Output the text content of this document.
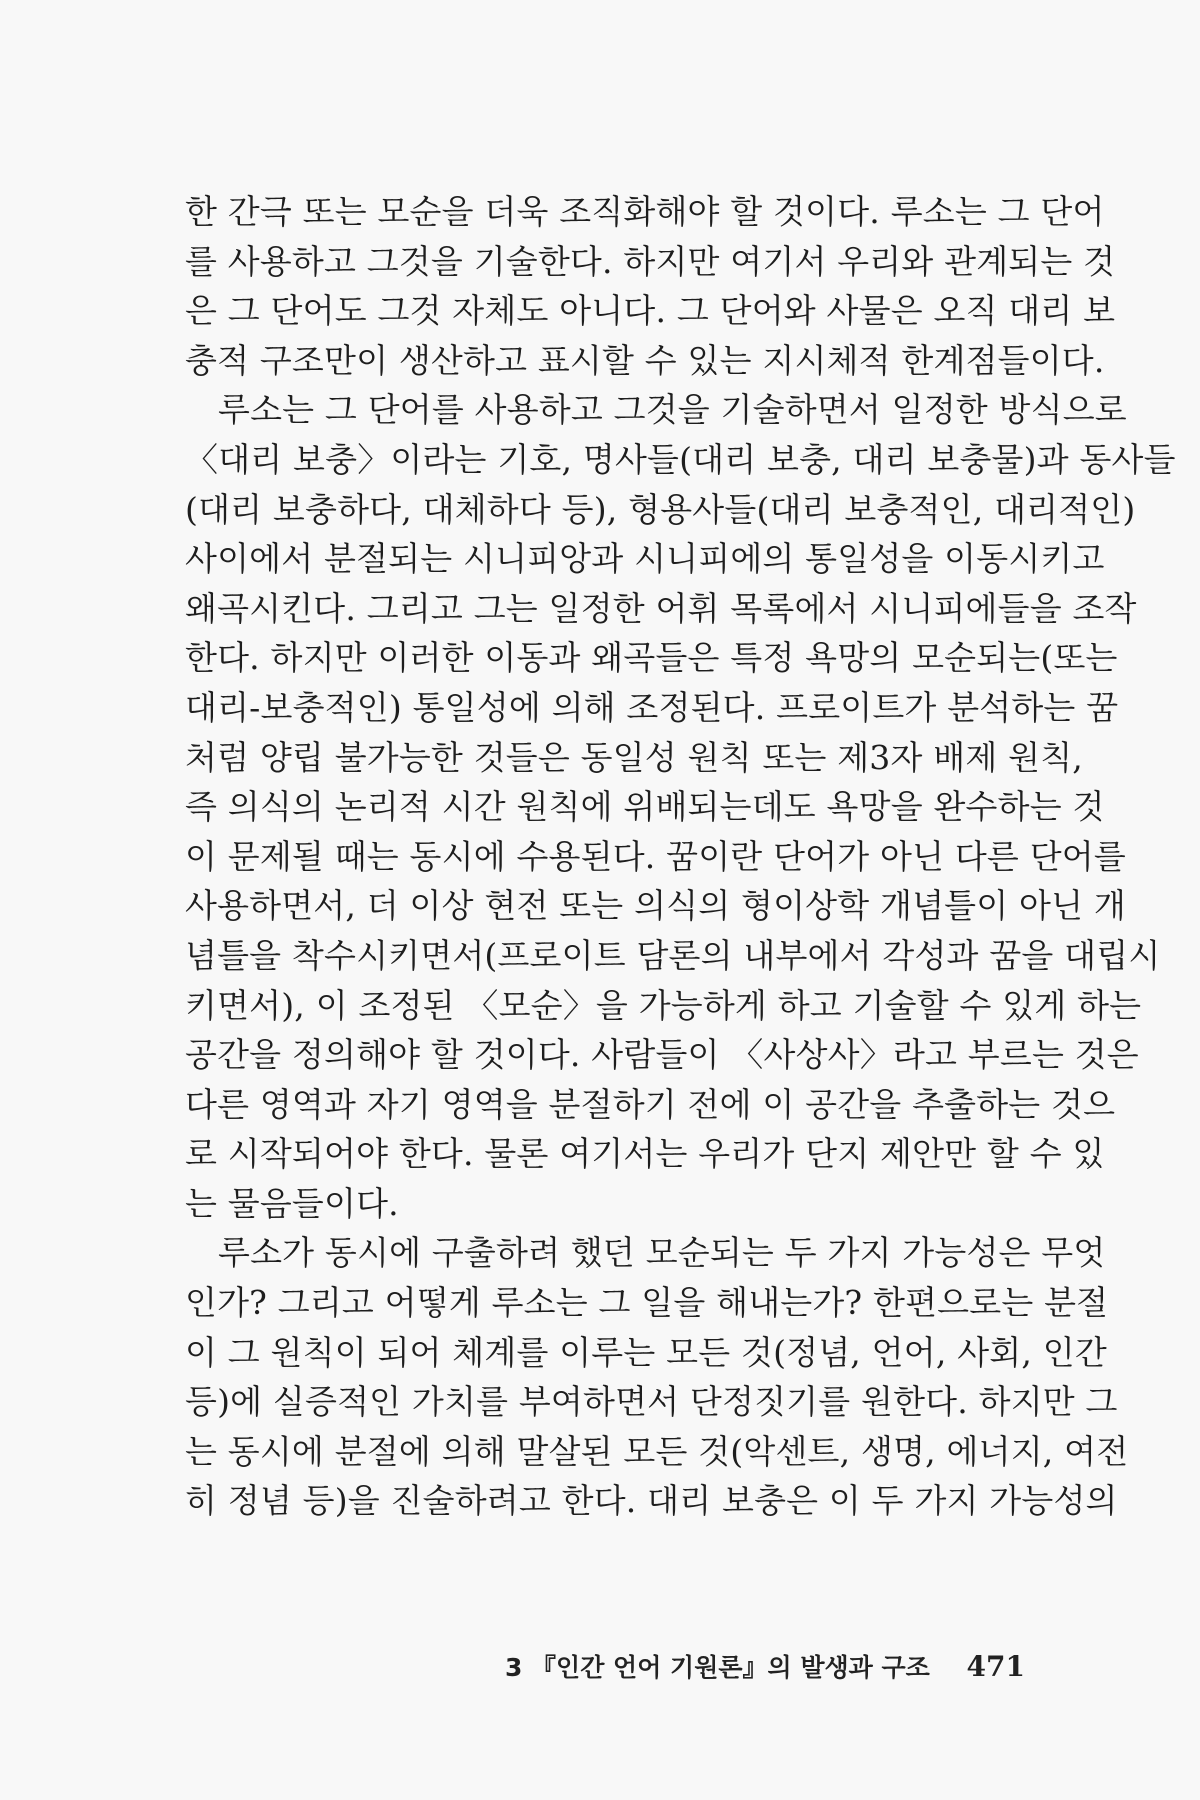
한 간극 또는 모순을 더욱 조직화해야 할 것이다. 루소는 그 단어
를 사용하고 그것을 기술한다. 하지만 여기서 우리와 관계되는 것
은 그 단어도 그것 자체도 아니다. 그 단어와 사물은 오직 대리 보
충적 구조만이 생산하고 표시할 수 있는 지시체적 한계점들이다.
루소는 그 단어를 사용하고 그것을 기술하면서 일정한 방식으로
〈대리 보충〉이라는 기호, 명사들(대리 보충, 대리 보충물)과 동사들
(대리 보충하다, 대체하다 등), 형용사들(대리 보충적인, 대리적인)
사이에서 분절되는 시니피앙과 시니피에의 통일성을 이동시키고
왜곡시킨다. 그리고 그는 일정한 어휘 목록에서 시니피에들을 조작
한다. 하지만 이러한 이동과 왜곡들은 특정 욕망의 모순되는(또는
대리-보충적인) 통일성에 의해 조정된다. 프로이트가 분석하는 꿈
처럼 양립 불가능한 것들은 동일성 원칙 또는 제3자 배제 원칙,
즉 의식의 논리적 시간 원칙에 위배되는데도 욕망을 완수하는 것
이 문제될 때는 동시에 수용된다. 꿈이란 단어가 아닌 다른 단어를
사용하면서, 더 이상 현전 또는 의식의 형이상학 개념틀이 아닌 개
념틀을 착수시키면서(프로이트 담론의 내부에서 각성과 꿈을 대립시
키면서), 이 조정된 〈모순〉을 가능하게 하고 기술할 수 있게 하는
공간을 정의해야 할 것이다. 사람들이 〈사상사〉라고 부르는 것은
다른 영역과 자기 영역을 분절하기 전에 이 공간을 추출하는 것으
로 시작되어야 한다. 물론 여기서는 우리가 단지 제안만 할 수 있
는 물음들이다.
루소가 동시에 구출하려 했던 모순되는 두 가지 가능성은 무엇
인가? 그리고 어떻게 루소는 그 일을 해내는가? 한편으로는 분절
이 그 원칙이 되어 체계를 이루는 모든 것(정념, 언어, 사회, 인간
등)에 실증적인 가치를 부여하면서 단정짓기를 원한다. 하지만 그
는 동시에 분절에 의해 말살된 모든 것(악센트, 생명, 에너지, 여전
히 정념 등)을 진술하려고 한다. 대리 보충은 이 두 가지 가능성의
3 『인간 언어 기원론』의 발생과 구조 471
